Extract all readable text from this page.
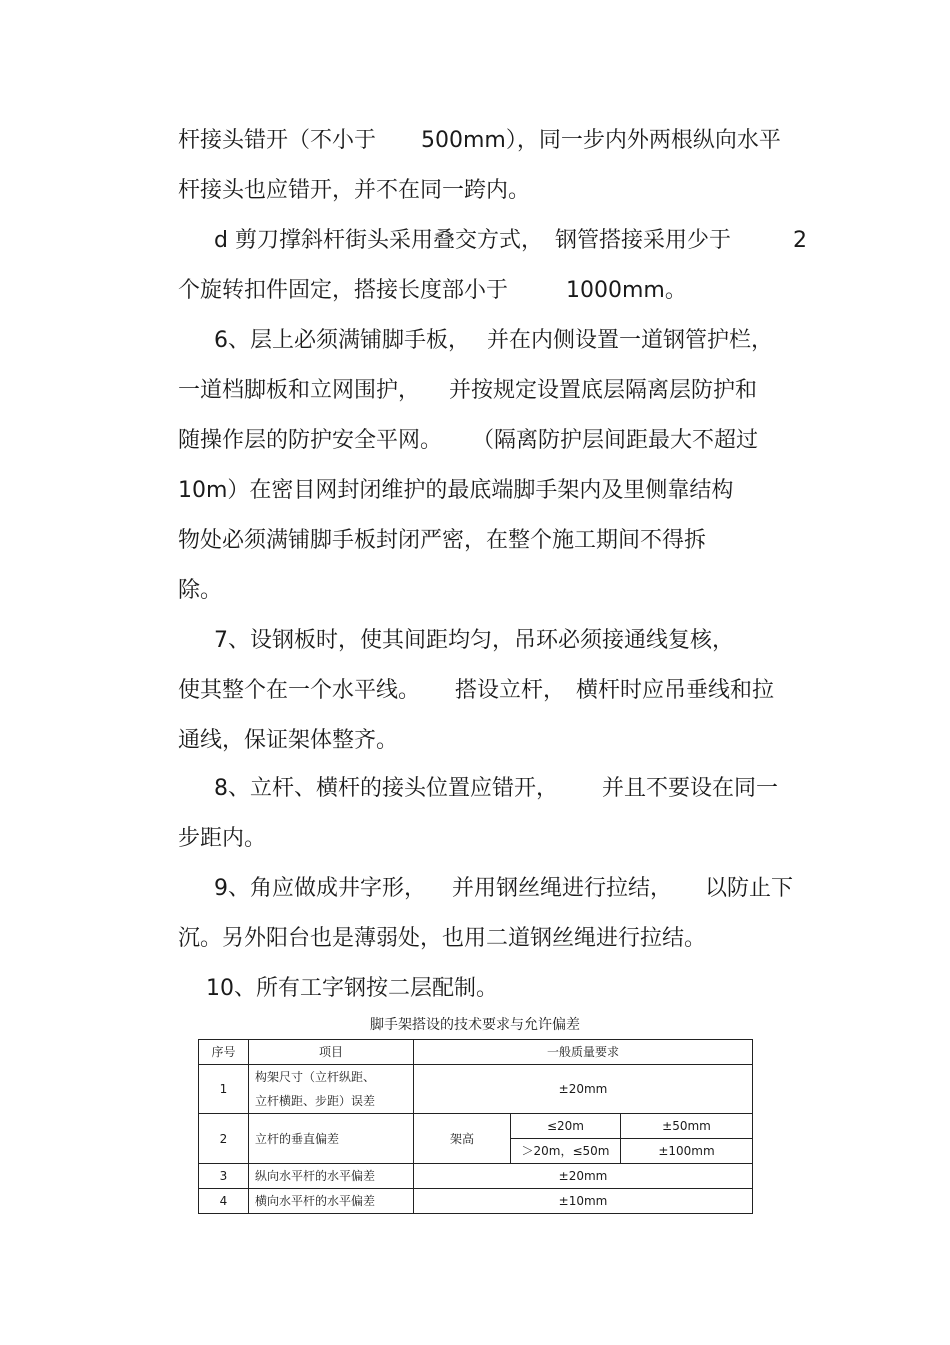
杆接头错开（不小于

500mm），同一步内外两根纵向水平

杆接头也应错开，并不在同一跨内。

d 剪刀撑斜杆街头采用叠交方式，

钢管搭接采用少于

	2

个旋转扣件固定，搭接长度部小于

	1000mm。

6、层上必须满铺脚手板，

并在内侧设置一道钢管护栏，

一道档脚板和立网围护，

并按规定设置底层隔离层防护和

随操作层的防护安全平网。

（隔离防护层间距最大不超过

10m）在密目网封闭维护的最底端脚手架内及里侧靠结构

物处必须满铺脚手板封闭严密，在整个施工期间不得拆

除。

7、设钢板时，使其间距均匀，吊环必须接通线复核，

使其整个在一个水平线。

搭设立杆，

横杆时应吊垂线和拉

通线，保证架体整齐。

8、立杆、横杆的接头位置应错开，

并且不要设在同一

步距内。

9、角应做成井字形，

并用钢丝绳进行拉结，

以防止下

沉。另外阳台也是薄弱处，也用二道钢丝绳进行拉结。

10、所有工字钢按二层配制。

脚手架搭设的技术要求与允许偏差
序号	项目	一般质量要求		
1	构架尺寸（立杆纵距、
立杆横距、步距）误差	±20mm		
2	立杆的垂直偏差	架高	≤20m	±50mm
			＞20m，≤50m	±100mm
3	纵向水平杆的水平偏差	±20mm		
4	横向水平杆的水平偏差	±10mm		
